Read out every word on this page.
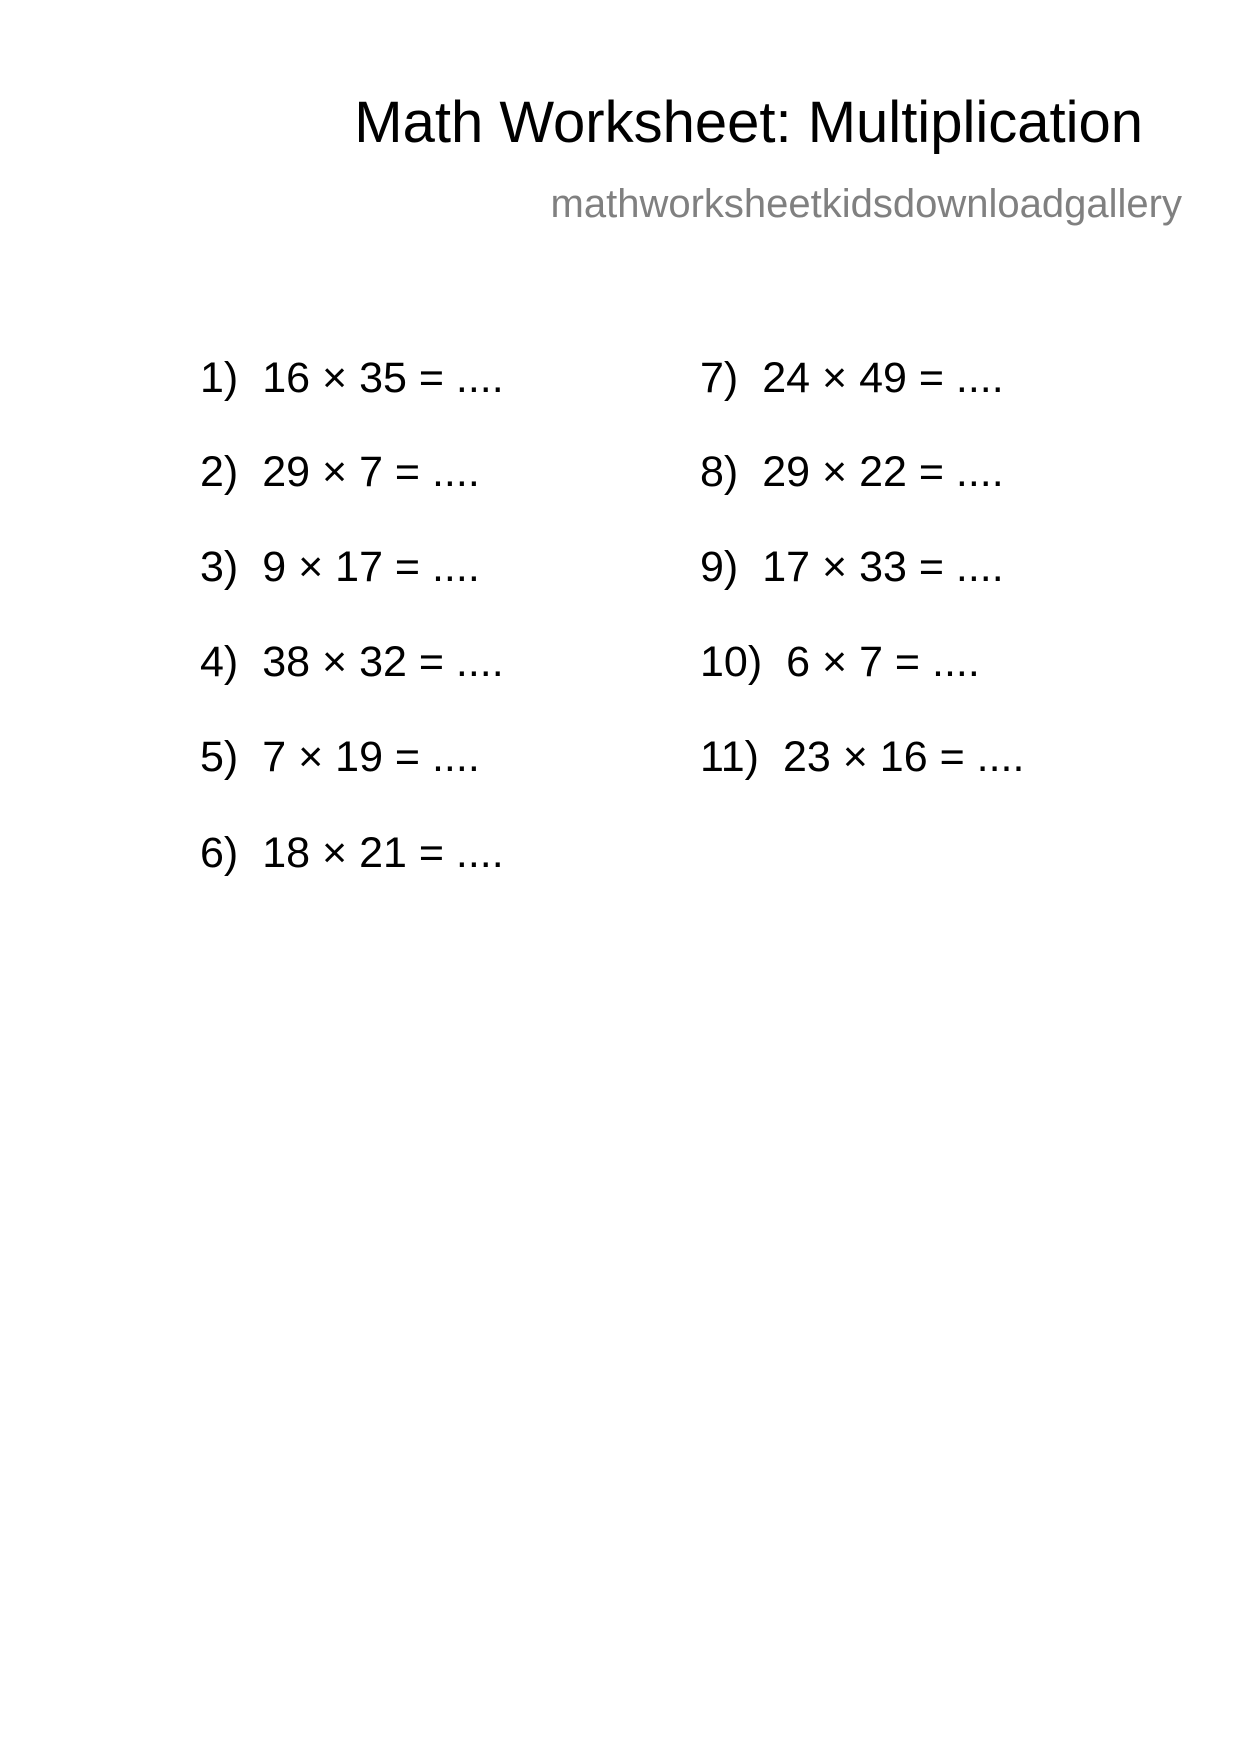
Math Worksheet: Multiplication
mathworksheetkidsdownloadgallery
1) 16 × 35 = ....
2) 29 × 7 = ....
3) 9 × 17 = ....
4) 38 × 32 = ....
5) 7 × 19 = ....
6) 18 × 21 = ....
7) 24 × 49 = ....
8) 29 × 22 = ....
9) 17 × 33 = ....
10) 6 × 7 = ....
11) 23 × 16 = ....
